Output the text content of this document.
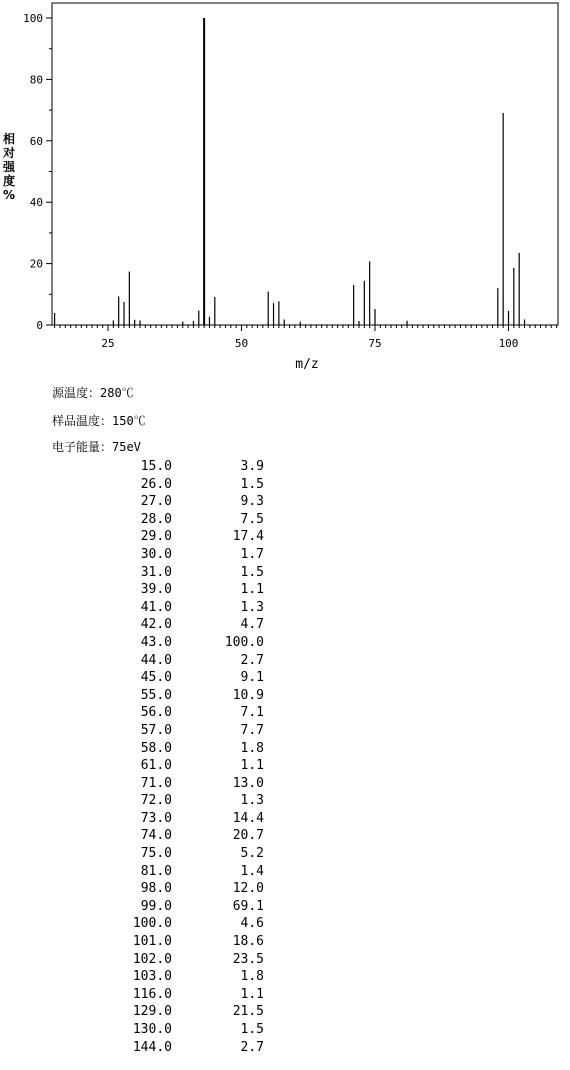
25	50	75	100
0
20
40
60
80
100
m/z
相
对
强
度
%
源温度：280℃
样品温度：150℃
电子能量：75eV
15.0	3.9
26.0	1.5
27.0	9.3
28.0	7.5
29.0	17.4
30.0	1.7
31.0	1.5
39.0	1.1
41.0	1.3
42.0	4.7
43.0	100.0
44.0	2.7
45.0	9.1
55.0	10.9
56.0	7.1
57.0	7.7
58.0	1.8
61.0	1.1
71.0	13.0
72.0	1.3
73.0	14.4
74.0	20.7
75.0	5.2
81.0	1.4
98.0	12.0
99.0	69.1
100.0	4.6
101.0	18.6
102.0	23.5
103.0	1.8
116.0	1.1
129.0	21.5
130.0	1.5
144.0	2.7
